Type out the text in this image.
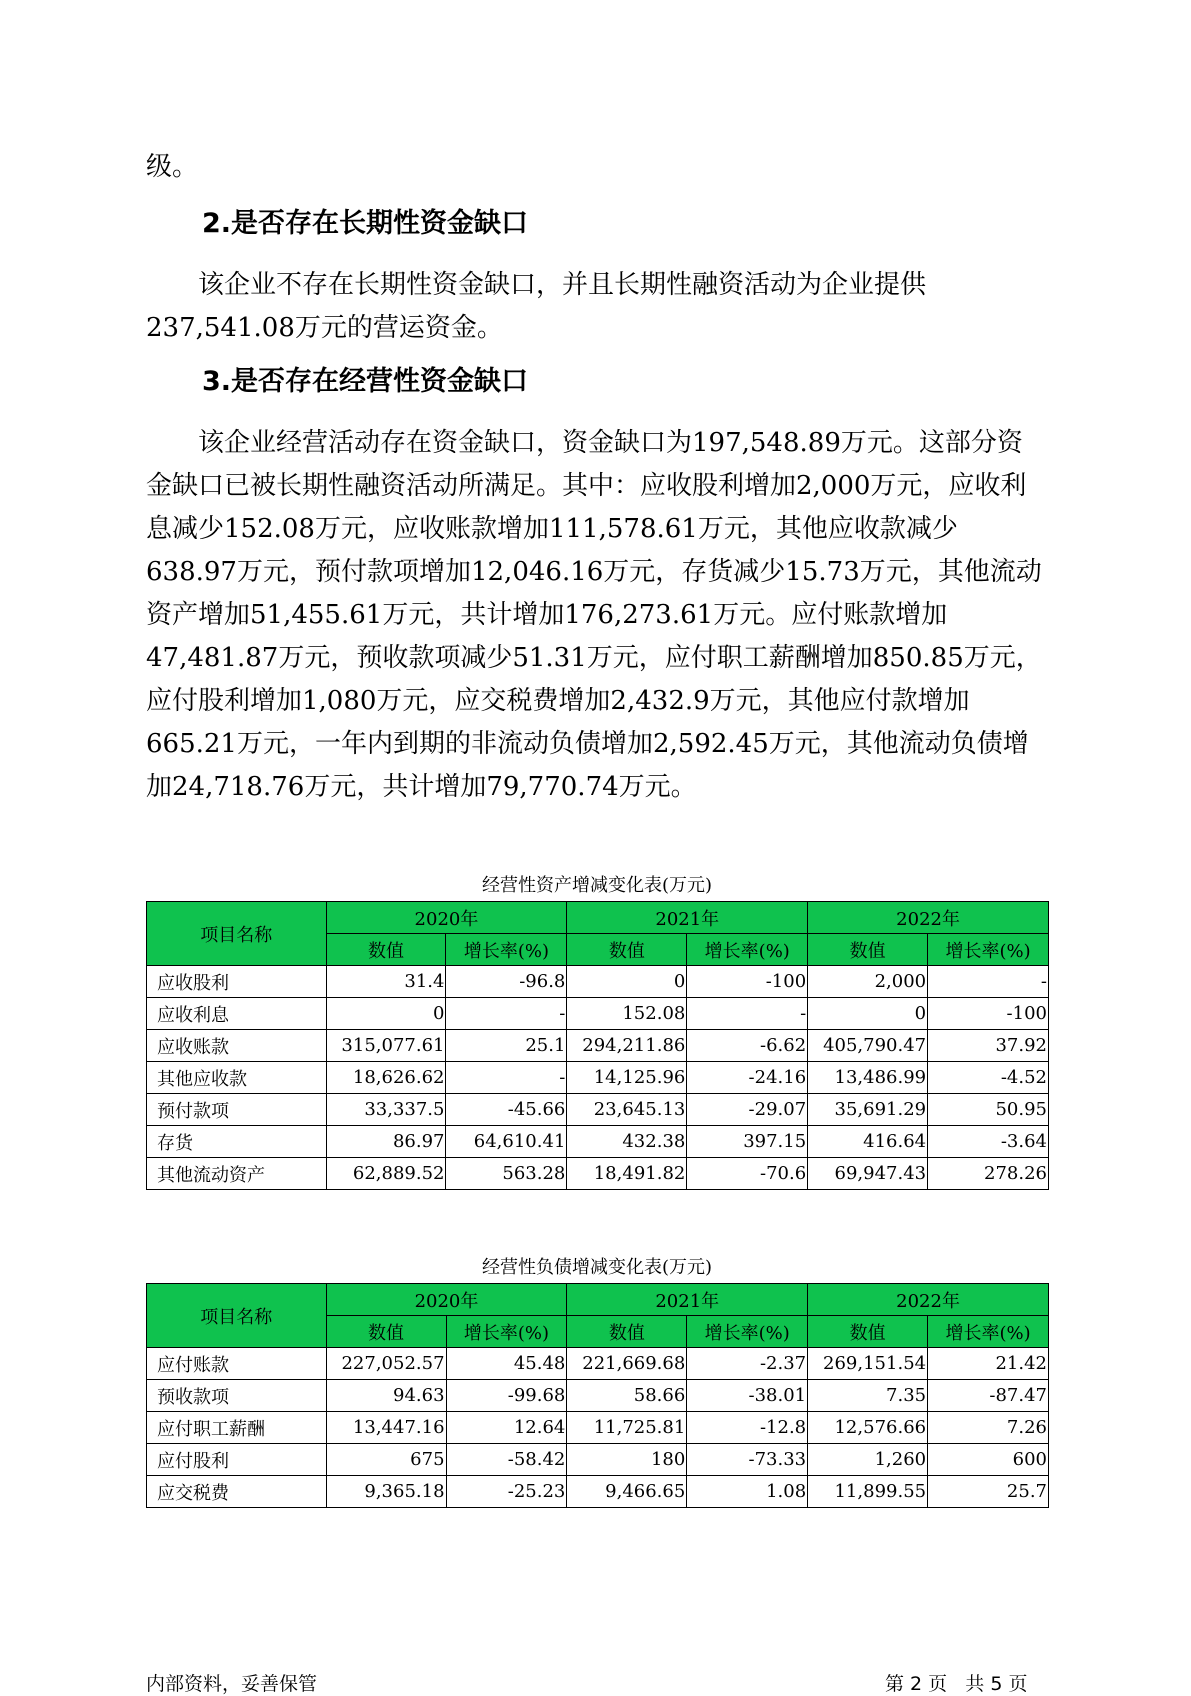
级。

2.是否存在长期性资金缺口

该企业不存在长期性资金缺口，并且长期性融资活动为企业提供237,541.08万元的营运资金。

3.是否存在经营性资金缺口

该企业经营活动存在资金缺口，资金缺口为197,548.89万元。这部分资金缺口已被长期性融资活动所满足。其中：应收股利增加2,000万元，应收利息减少152.08万元，应收账款增加111,578.61万元，其他应收款减少638.97万元，预付款项增加12,046.16万元，存货减少15.73万元，其他流动资产增加51,455.61万元，共计增加176,273.61万元。应付账款增加47,481.87万元，预收款项减少51.31万元，应付职工薪酬增加850.85万元，应付股利增加1,080万元，应交税费增加2,432.9万元，其他应付款增加665.21万元，一年内到期的非流动负债增加2,592.45万元，其他流动负债增加24,718.76万元，共计增加79,770.74万元。

经营性资产增减变化表(万元)
项目名称	2020年		2021年		2022年	
	数值	增长率(%)	数值	增长率(%)	数值	增长率(%)
应收股利	31.4	-96.8	0	-100	2,000	-
应收利息	0	-	152.08	-	0	-100
应收账款	315,077.61	25.1	294,211.86	-6.62	405,790.47	37.92
其他应收款	18,626.62	-	14,125.96	-24.16	13,486.99	-4.52
预付款项	33,337.5	-45.66	23,645.13	-29.07	35,691.29	50.95
存货	86.97	64,610.41	432.38	397.15	416.64	-3.64
其他流动资产	62,889.52	563.28	18,491.82	-70.6	69,947.43	278.26
经营性负债增减变化表(万元)
项目名称	2020年		2021年		2022年	
	数值	增长率(%)	数值	增长率(%)	数值	增长率(%)
应付账款	227,052.57	45.48	221,669.68	-2.37	269,151.54	21.42
预收款项	94.63	-99.68	58.66	-38.01	7.35	-87.47
应付职工薪酬	13,447.16	12.64	11,725.81	-12.8	12,576.66	7.26
应付股利	675	-58.42	180	-73.33	1,260	600
应交税费	9,365.18	-25.23	9,466.65	1.08	11,899.55	25.7
内部资料，妥善保管	第 2 页   共 5 页
